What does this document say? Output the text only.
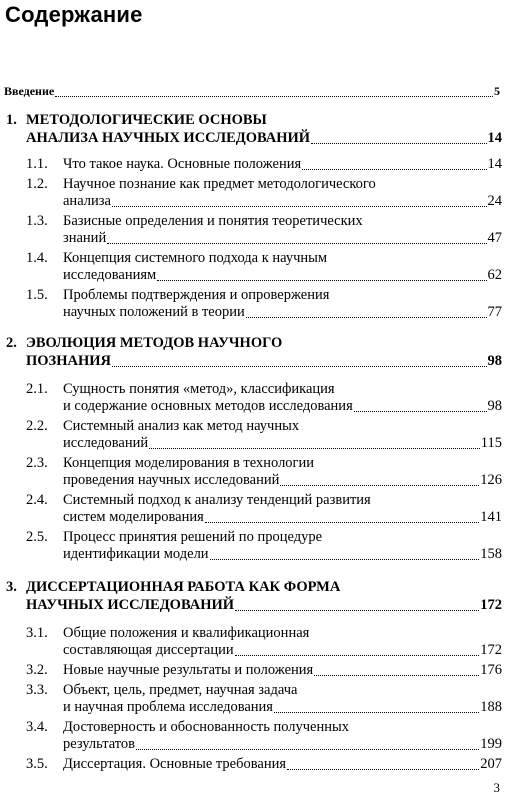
Содержание
Введение	5
1. МЕТОДОЛОГИЧЕСКИЕ ОСНОВЫ
АНАЛИЗА НАУЧНЫХ ИССЛЕДОВАНИЙ	14
1.1. Что такое наука. Основные положения	14
1.2. Научное познание как предмет методологического
анализа	24
1.3. Базисные определения и понятия теоретических
знаний	47
1.4. Концепция системного подхода к научным
исследованиям	62
1.5. Проблемы подтверждения и опровержения
научных положений в теории	77
2. ЭВОЛЮЦИЯ МЕТОДОВ НАУЧНОГО
ПОЗНАНИЯ	98
2.1. Сущность понятия «метод», классификация
и содержание основных методов исследования	98
2.2. Системный анализ как метод научных
исследований	115
2.3. Концепция моделирования в технологии
проведения научных исследований	126
2.4. Системный подход к анализу тенденций развития
систем моделирования	141
2.5. Процесс принятия решений по процедуре
идентификации модели	158
3. ДИССЕРТАЦИОННАЯ РАБОТА КАК ФОРМА
НАУЧНЫХ ИССЛЕДОВАНИЙ	172
3.1. Общие положения и квалификационная
составляющая диссертации	172
3.2. Новые научные результаты и положения	176
3.3. Объект, цель, предмет, научная задача
и научная проблема исследования	188
3.4. Достоверность и обоснованность полученных
результатов	199
3.5. Диссертация. Основные требования	207
3
